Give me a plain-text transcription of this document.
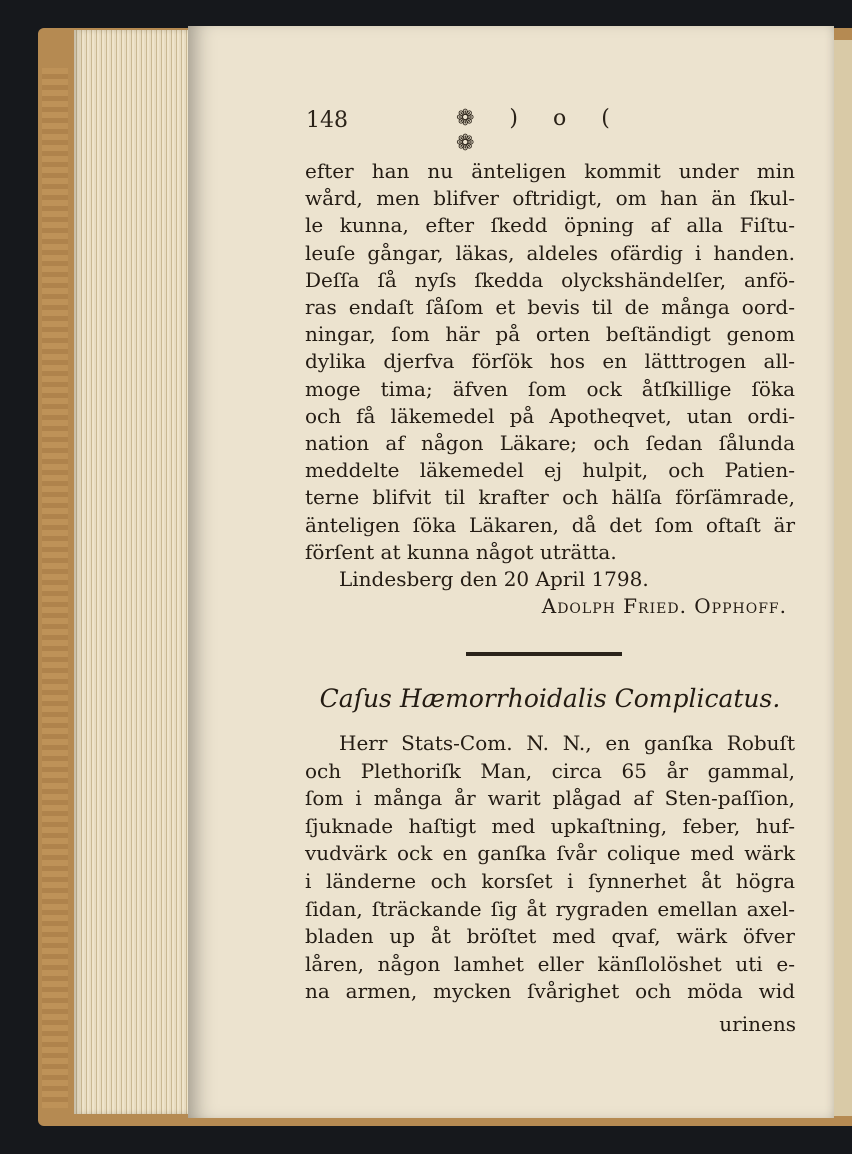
148	❁ ) o ( ❁
efter han nu änteligen kommit under min
wård, men blifver oftridigt, om han än ſkul-
le kunna, efter ſkedd öpning af alla Fiſtu-
leuſe gångar, läkas, aldeles ofärdig i handen.
Deſſa ſå nyſs ſkedda olyckshändelſer, anfö-
ras endaſt ſåſom et bevis til de många oord-
ningar, ſom här på orten beſtändigt genom
dylika djerfva förſök hos en lätttrogen all-
moge tima; äfven ſom ock åtſkillige ſöka
och få läkemedel på Apotheqvet, utan ordi-
nation af någon Läkare; och ſedan ſålunda
meddelte läkemedel ej hulpit, och Patien-
terne blifvit til krafter och hälſa förſämrade,
änteligen ſöka Läkaren, då det ſom oftaſt är
förſent at kunna något uträtta.
Lindesberg den 20 April 1798.
Adolph Fried. Opphoff.
Caſus Hæmorrhoidalis Complicatus.
Herr Stats-Com. N. N., en ganſka Robuſt
och Plethoriſk Man, circa 65 år gammal,
ſom i många år warit plågad af Sten-paſſion,
ſjuknade haſtigt med upkaſtning, feber, huf-
vudvärk ock en ganſka ſvår colique med wärk
i länderne och korsſet i ſynnerhet åt högra
ſidan, ſträckande ſig åt rygraden emellan axel-
bladen up åt bröſtet med qvaf, wärk öfver
låren, någon lamhet eller känſlolöshet uti e-
na armen, mycken ſvårighet och möda wid
urinens
